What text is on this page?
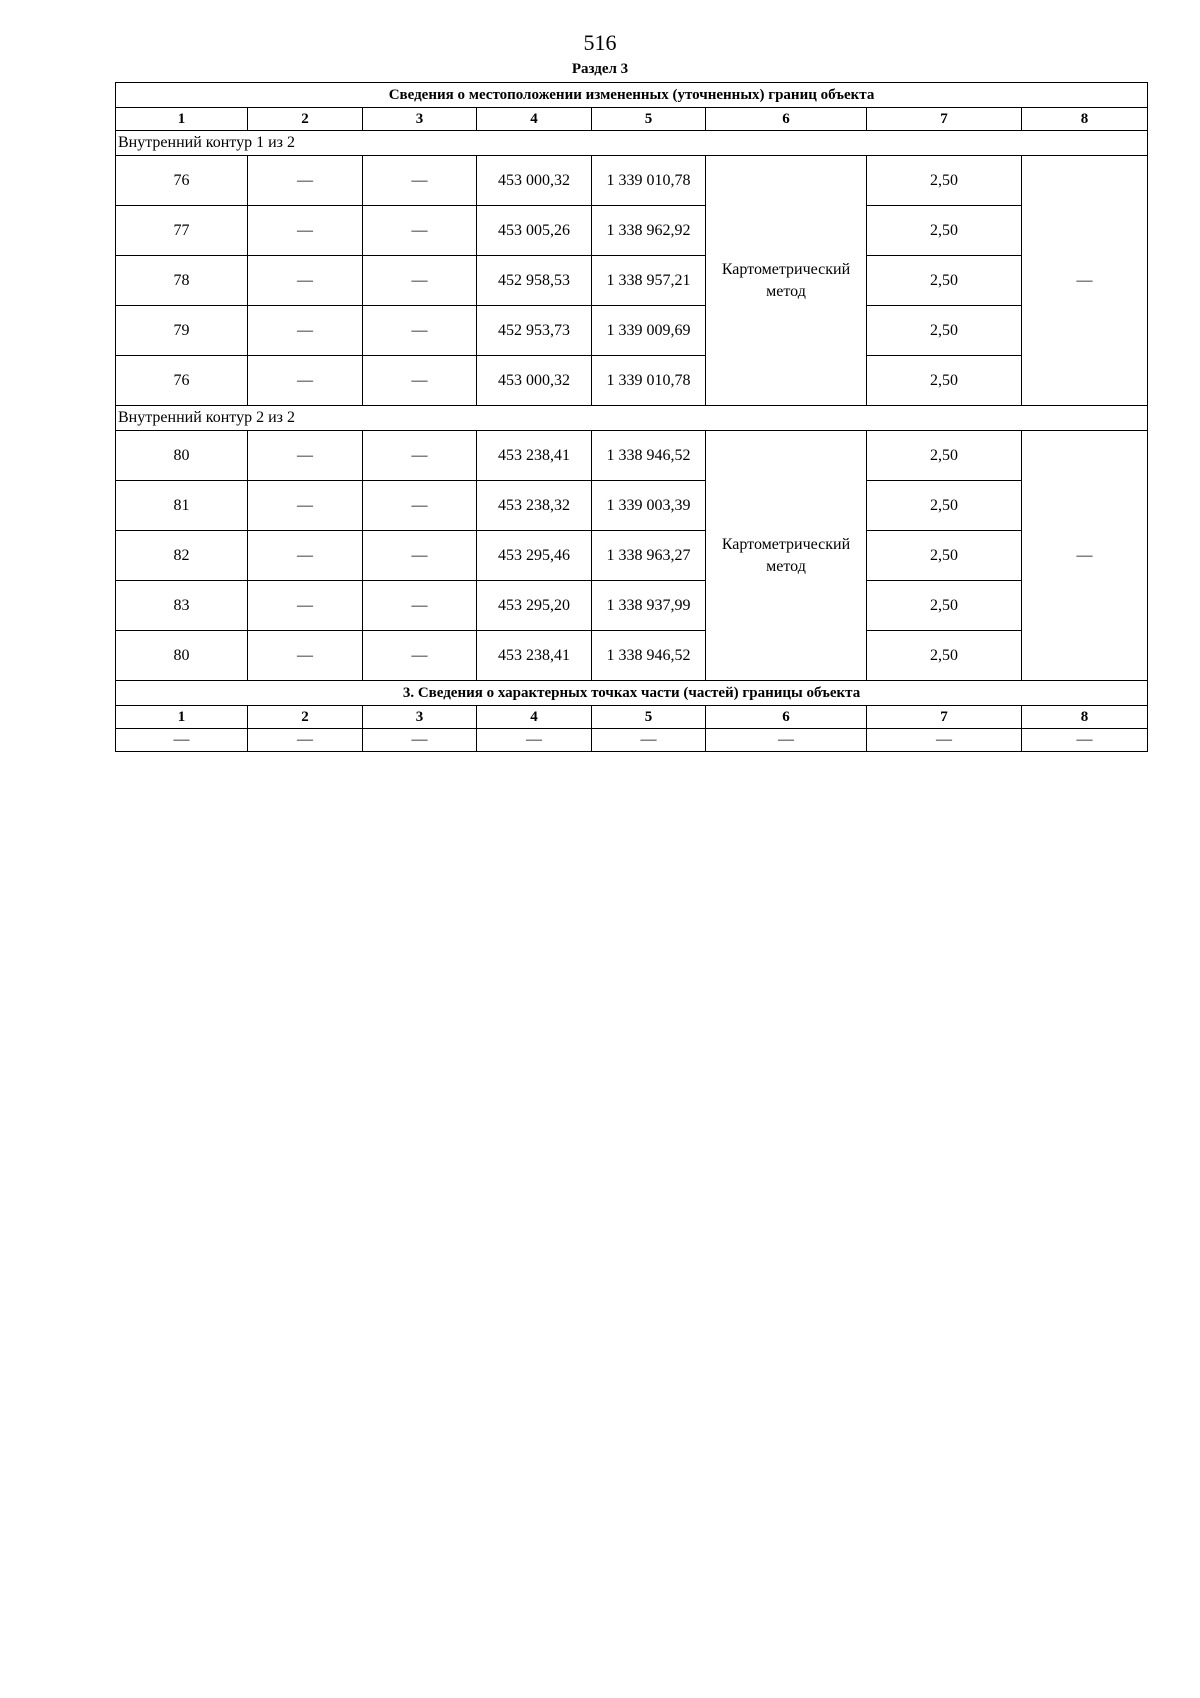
516
Раздел 3
Сведения о местоположении измененных (уточненных) границ объекта							
1	2	3	4	5	6	7	8
Внутренний контур 1 из 2							
76	—	—	453 000,32	1 339 010,78	Картометрический метод	2,50	—
77	—	—	453 005,26	1 338 962,92		2,50	
78	—	—	452 958,53	1 338 957,21		2,50	
79	—	—	452 953,73	1 339 009,69		2,50	
76	—	—	453 000,32	1 339 010,78		2,50	
Внутренний контур 2 из 2							
80	—	—	453 238,41	1 338 946,52	Картометрический метод	2,50	—
81	—	—	453 238,32	1 339 003,39		2,50	
82	—	—	453 295,46	1 338 963,27		2,50	
83	—	—	453 295,20	1 338 937,99		2,50	
80	—	—	453 238,41	1 338 946,52		2,50	
3. Сведения о характерных точках части (частей) границы объекта							
1	2	3	4	5	6	7	8
—	—	—	—	—	—	—	—
